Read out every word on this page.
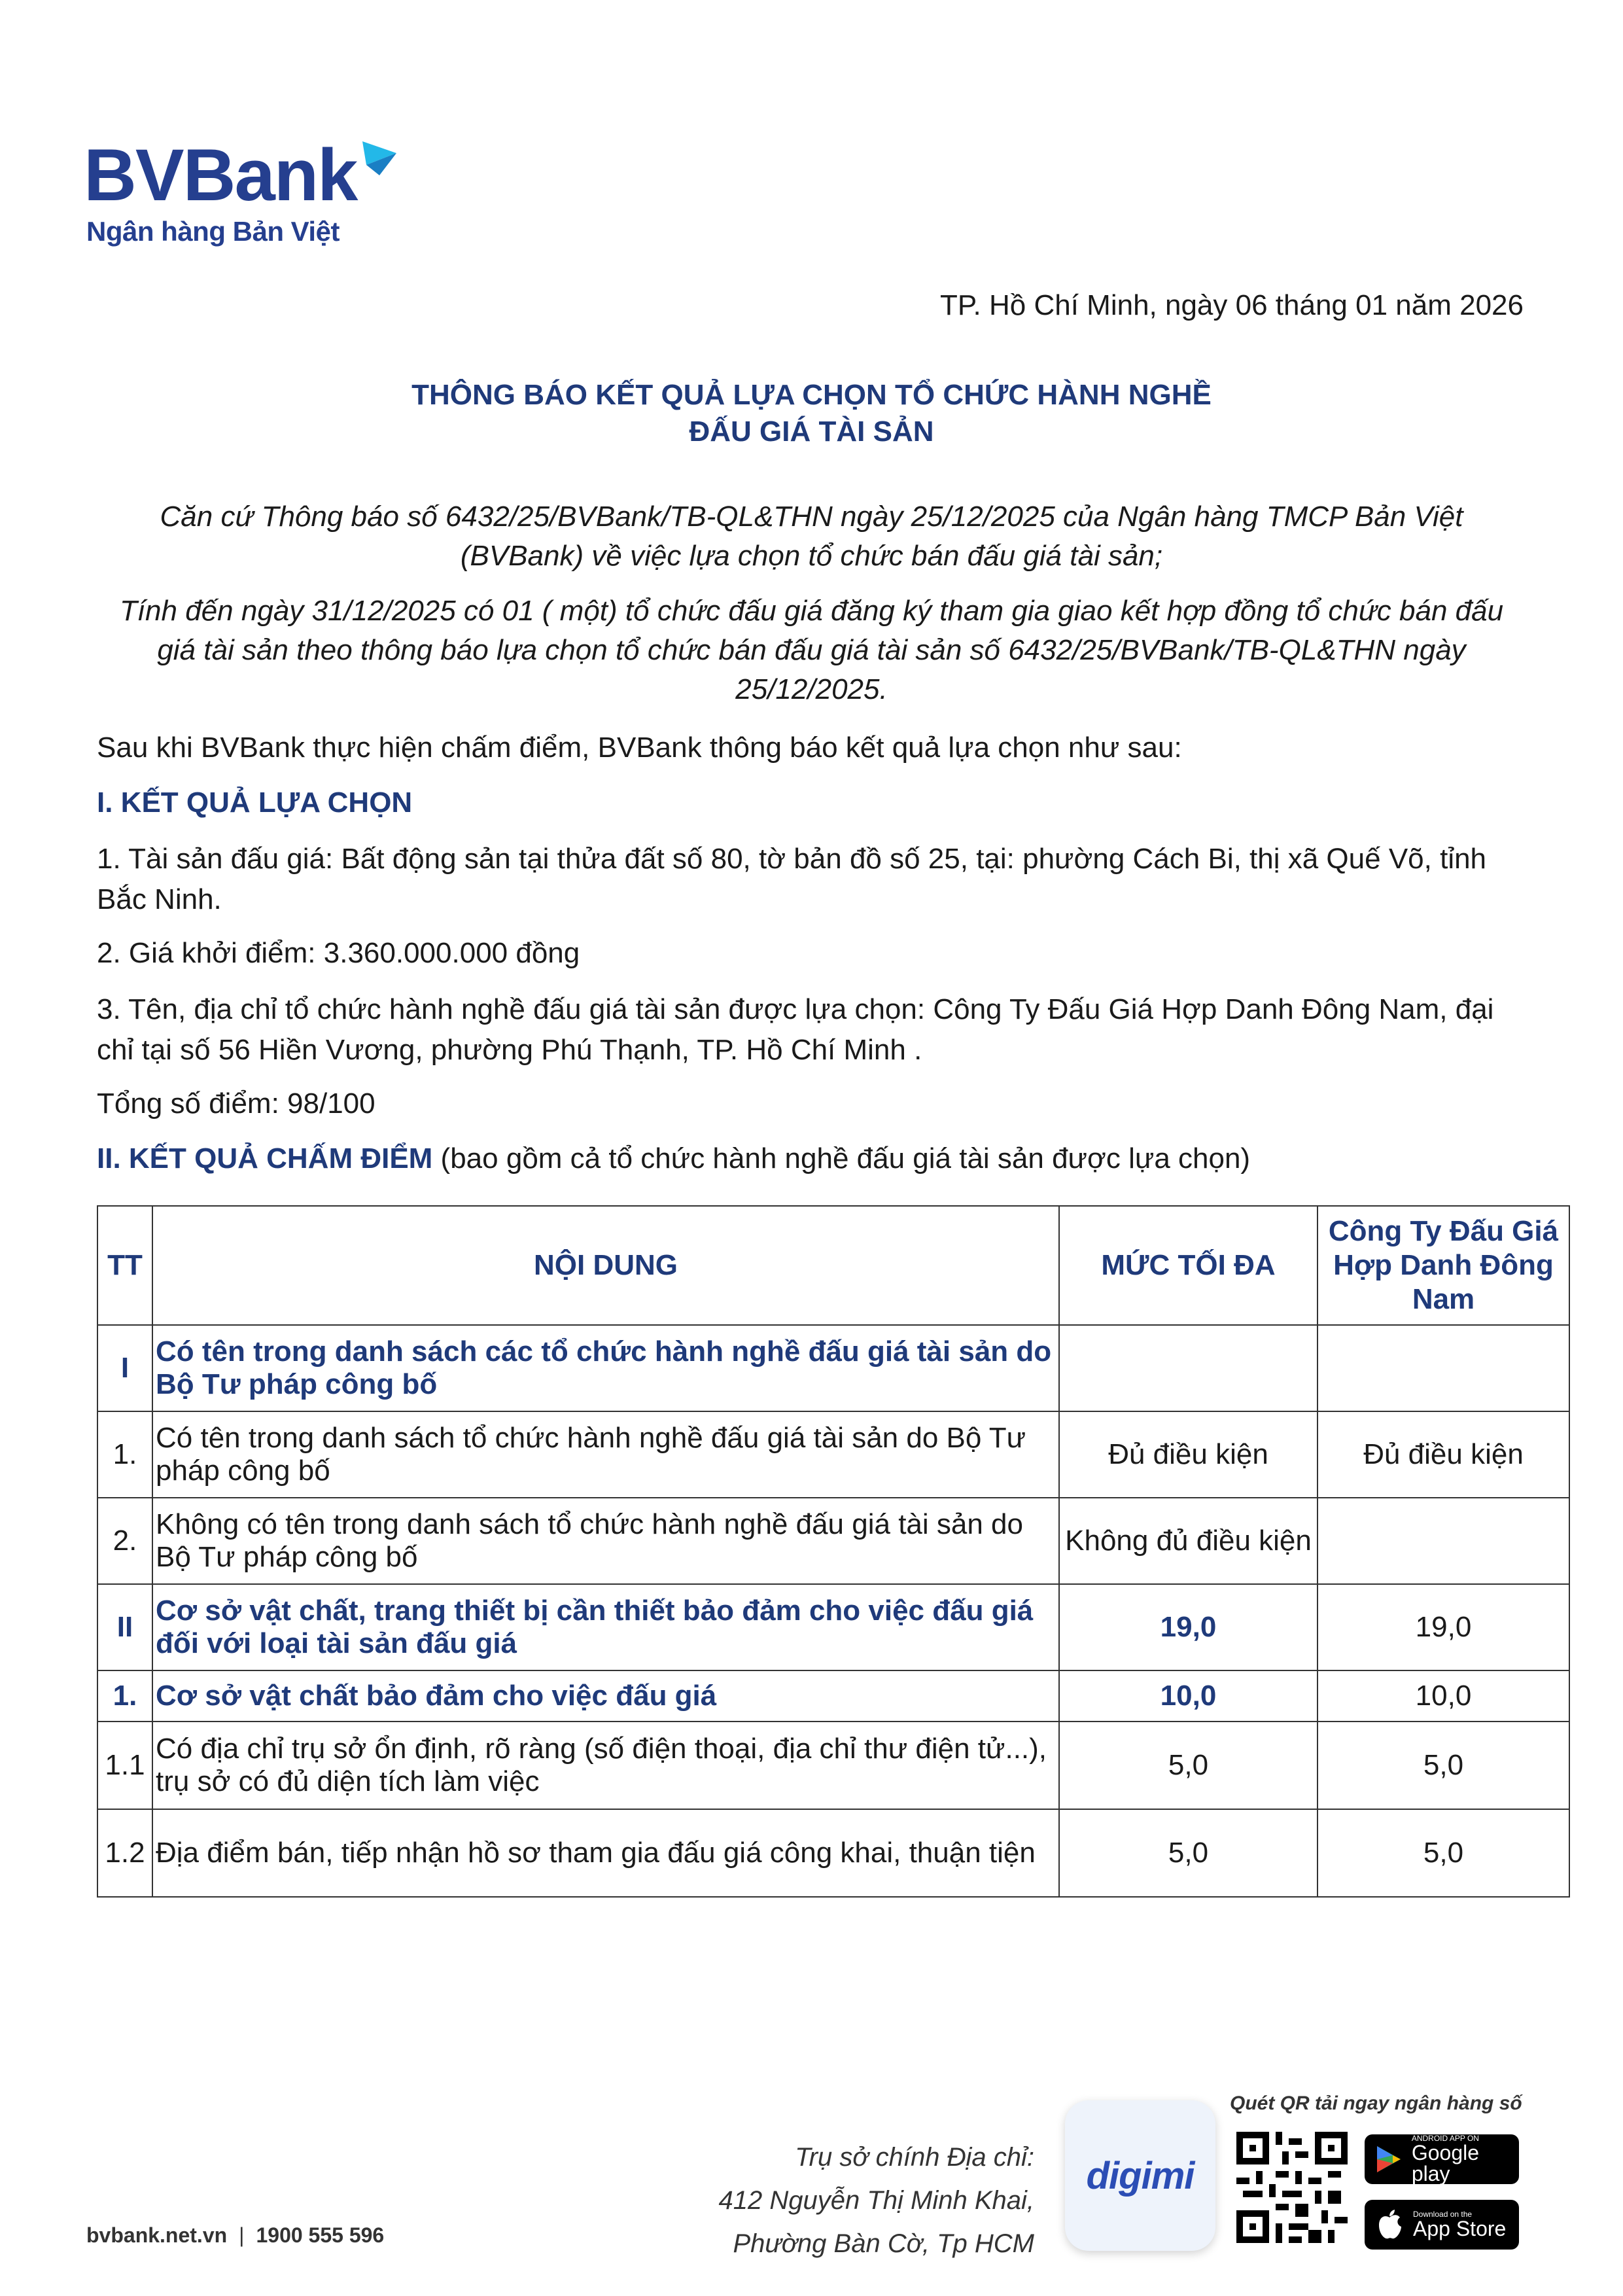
BVBank
Ngân hàng Bản Việt
TP. Hồ Chí Minh, ngày 06 tháng 01 năm 2026
THÔNG BÁO KẾT QUẢ LỰA CHỌN TỔ CHỨC HÀNH NGHỀ
ĐẤU GIÁ TÀI SẢN
Căn cứ Thông báo số 6432/25/BVBank/TB-QL&THN ngày 25/12/2025 của Ngân hàng TMCP Bản Việt (BVBank) về việc lựa chọn tổ chức bán đấu giá tài sản;
Tính đến ngày 31/12/2025 có 01 ( một) tổ chức đấu giá đăng ký tham gia giao kết hợp đồng tổ chức bán đấu giá tài sản theo thông báo lựa chọn tổ chức bán đấu giá tài sản số 6432/25/BVBank/TB-QL&THN ngày 25/12/2025.
Sau khi BVBank thực hiện chấm điểm, BVBank thông báo kết quả lựa chọn như sau:
I. KẾT QUẢ LỰA CHỌN
1. Tài sản đấu giá: Bất động sản tại thửa đất số 80, tờ bản đồ số 25, tại: phường Cách Bi, thị xã Quế Võ, tỉnh Bắc Ninh.
2. Giá khởi điểm: 3.360.000.000 đồng
3. Tên, địa chỉ tổ chức hành nghề đấu giá tài sản được lựa chọn: Công Ty Đấu Giá Hợp Danh Đông Nam, đại chỉ tại số 56 Hiền Vương, phường Phú Thạnh, TP. Hồ Chí Minh .
Tổng số điểm: 98/100
II. KẾT QUẢ CHẤM ĐIỂM (bao gồm cả tổ chức hành nghề đấu giá tài sản được lựa chọn)
TT	NỘI DUNG	MỨC TỐI ĐA	Công Ty Đấu Giá Hợp Danh Đông Nam
I	Có tên trong danh sách các tổ chức hành nghề đấu giá tài sản do Bộ Tư pháp công bố		
1.	Có tên trong danh sách tổ chức hành nghề đấu giá tài sản do Bộ Tư pháp công bố	Đủ điều kiện	Đủ điều kiện
2.	Không có tên trong danh sách tổ chức hành nghề đấu giá tài sản do Bộ Tư pháp công bố	Không đủ điều kiện	
II	Cơ sở vật chất, trang thiết bị cần thiết bảo đảm cho việc đấu giá đối với loại tài sản đấu giá	19,0	19,0
1.	Cơ sở vật chất bảo đảm cho việc đấu giá	10,0	10,0
1.1	Có địa chỉ trụ sở ổn định, rõ ràng (số điện thoại, địa chỉ thư điện tử...), trụ sở có đủ diện tích làm việc	5,0	5,0
1.2	Địa điểm bán, tiếp nhận hồ sơ tham gia đấu giá công khai, thuận tiện	5,0	5,0
Trụ sở chính Địa chỉ:
412 Nguyễn Thị Minh Khai,
Phường Bàn Cờ, Tp HCM
bvbank.net.vn | 1900 555 596
digimi
Quét QR tải ngay ngân hàng số
ANDROID APP ON
Google play
Download on the
App Store
